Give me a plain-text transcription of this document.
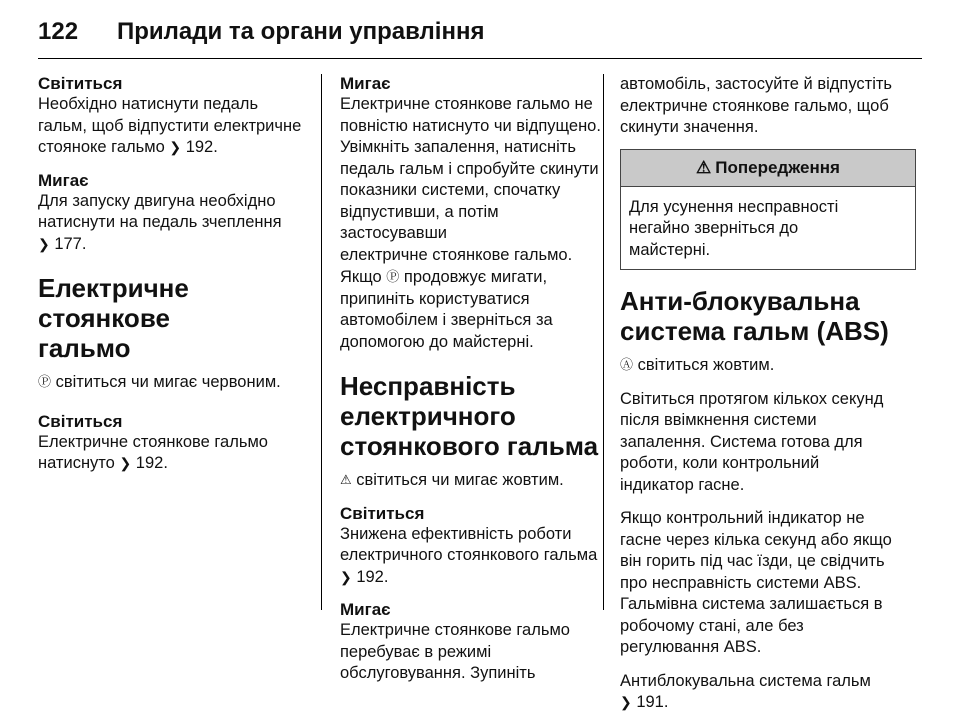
122 Прилади та органи управління

Світиться

Необхідно натиснути педаль
гальм, щоб відпустити електричне
стояноке гальмо ❯ 192.

Мигає

Для запуску двигуна необхідно
натиснути на педаль зчеплення
❯ 177.

Електричне стоянкове
гальмо

Ⓟ світиться чи мигає червоним.

Світиться

Електричне стоянкове гальмо
натиснуто ❯ 192.

Мигає

Електричне стоянкове гальмо не
повністю натиснуто чи відпущено.
Увімкніть запалення, натисніть
педаль гальм і спробуйте скинути
показники системи, спочатку
відпустивши, а потім застосувавши
електричне стоянкове гальмо.
Якщо Ⓟ продовжує мигати,
припиніть користуватися
автомобілем і зверніться за
допомогою до майстерні.

Несправність
електричного
стоянкового гальма

⚠ світиться чи мигає жовтим.

Світиться

Знижена ефективність роботи
електричного стоянкового гальма
❯ 192.

Мигає

Електричне стоянкове гальмо
перебуває в режимі
обслуговування. Зупиніть

автомобіль, застосуйте й відпустіть
електричне стоянкове гальмо, щоб
скинути значення.

⚠ Попередження
Для усунення несправності
негайно зверніться до
майстерні.

Анти-блокувальна
система гальм (ABS)

Ⓐ світиться жовтим.

Світиться протягом кількох секунд
після ввімкнення системи
запалення. Система готова для
роботи, коли контрольний
індикатор гасне.

Якщо контрольний індикатор не
гасне через кілька секунд або якщо
він горить під час їзди, це свідчить
про несправність системи ABS.
Гальмівна система залишається в
робочому стані, але без
регулювання ABS.

Антиблокувальна система гальм
❯ 191.
